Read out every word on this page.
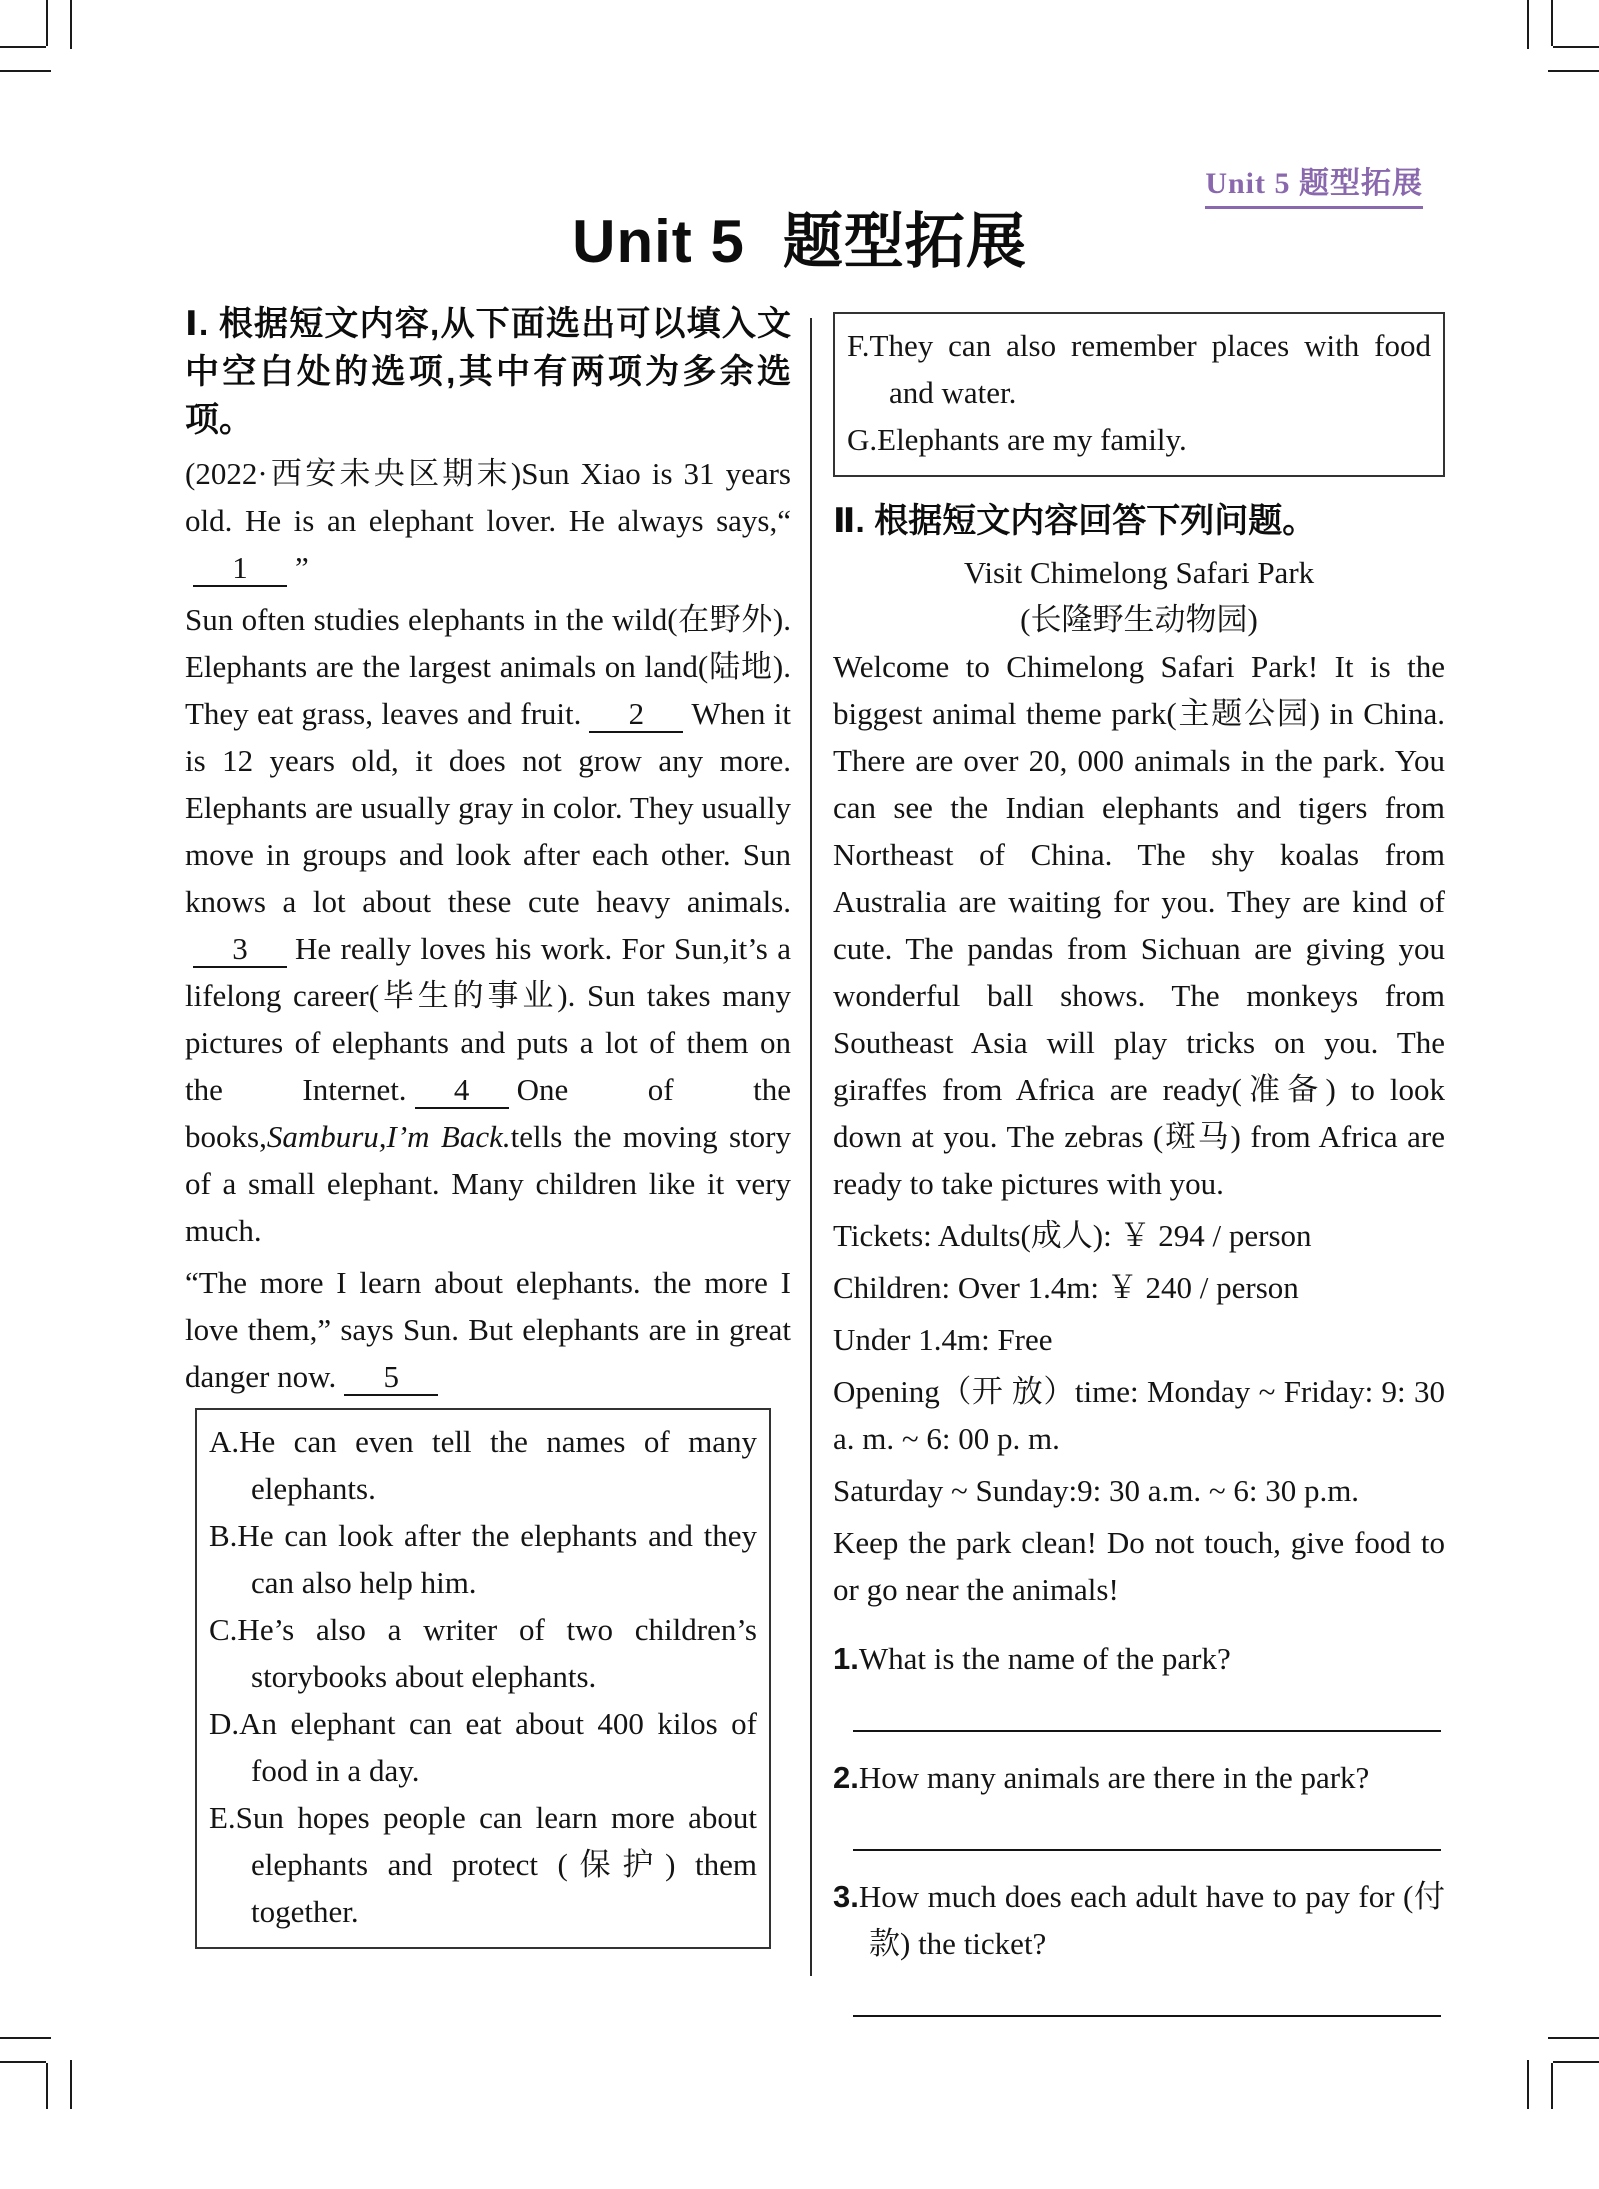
Unit 5 题型拓展
Unit 5 题型拓展

Ⅰ. 根据短文内容,从下面选出可以填入文中空白处的选项,其中有两项为多余选项。

(2022·西安未央区期末)Sun Xiao is 31 years old. He is an elephant lover. He always says,“1 ”

Sun often studies elephants in the wild(在野外). Elephants are the largest animals on land(陆地). They eat grass, leaves and fruit. 2 When it is 12 years old, it does not grow any more. Elephants are usually gray in color. They usually move in groups and look after each other. Sun knows a lot about these cute heavy animals.3 He really loves his work. For Sun,it’s a lifelong career(毕生的事业). Sun takes many pictures of elephants and puts a lot of them on the Internet. 4 One of the books,Samburu,I’m Back.tells the moving story of a small elephant. Many children like it very much.

“The more I learn about elephants. the more I love them,” says Sun. But elephants are in great danger now. 5

A.He can even tell the names of many elephants.

B.He can look after the elephants and they can also help him.

C.He’s also a writer of two children’s storybooks about elephants.

D.An elephant can eat about 400 kilos of food in a day.

E.Sun hopes people can learn more about elephants and protect (保护) them together.

F.They can also remember places with food and water.

G.Elephants are my family.

Ⅱ. 根据短文内容回答下列问题。

Visit Chimelong Safari Park

(长隆野生动物园)

Welcome to Chimelong Safari Park! It is the biggest animal theme park(主题公园) in China. There are over 20, 000 animals in the park. You can see the Indian elephants and tigers from Northeast of China. The shy koalas from Australia are waiting for you. They are kind of cute. The pandas from Sichuan are giving you wonderful ball shows. The monkeys from Southeast Asia will play tricks on you. The giraffes from Africa are ready(准备) to look down at you. The zebras (斑马) from Africa are ready to take pictures with you.

Tickets: Adults(成人): ￥ 294 / person

Children: Over 1.4m: ￥ 240 / person

Under 1.4m: Free

Opening（开 放）time: Monday ~ Friday: 9: 30 a. m. ~ 6: 00 p. m.

Saturday ~ Sunday:9: 30 a.m. ~ 6: 30 p.m.

Keep the park clean! Do not touch, give food to or go near the animals!

1.What is the name of the park?

2.How many animals are there in the park?

3.How much does each adult have to pay for (付款) the ticket?
